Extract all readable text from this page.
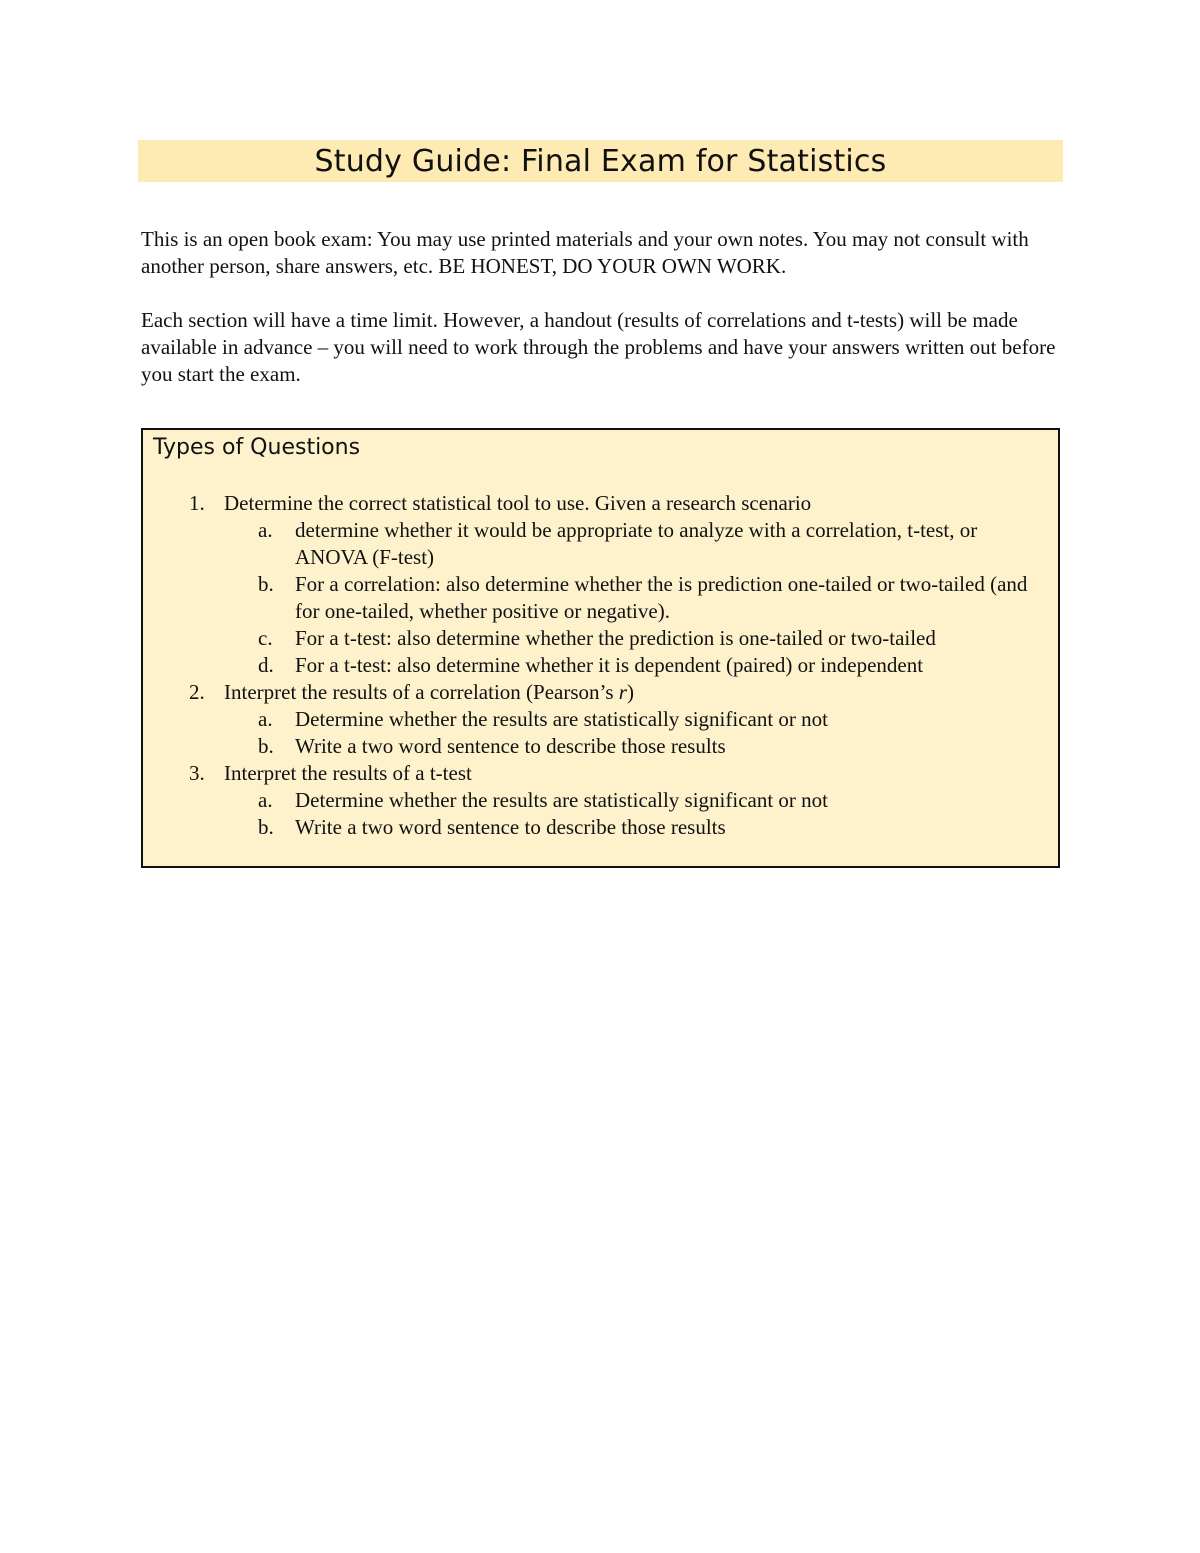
Study Guide: Final Exam for Statistics

This is an open book exam: You may use printed materials and your own notes. You may not consult with another person, share answers, etc. BE HONEST, DO YOUR OWN WORK.

Each section will have a time limit. However, a handout (results of correlations and t-tests) will be made available in advance – you will need to work through the problems and have your answers written out before you start the exam.

Types of Questions
1. Determine the correct statistical tool to use. Given a research scenario
a. determine whether it would be appropriate to analyze with a correlation, t-test, or ANOVA (F-test)
b. For a correlation: also determine whether the is prediction one-tailed or two-tailed (and for one-tailed, whether positive or negative).
c. For a t-test: also determine whether the prediction is one-tailed or two-tailed
d. For a t-test: also determine whether it is dependent (paired) or independent
2. Interpret the results of a correlation (Pearson’s r)
a. Determine whether the results are statistically significant or not
b. Write a two word sentence to describe those results
3. Interpret the results of a t-test
a. Determine whether the results are statistically significant or not
b. Write a two word sentence to describe those results
